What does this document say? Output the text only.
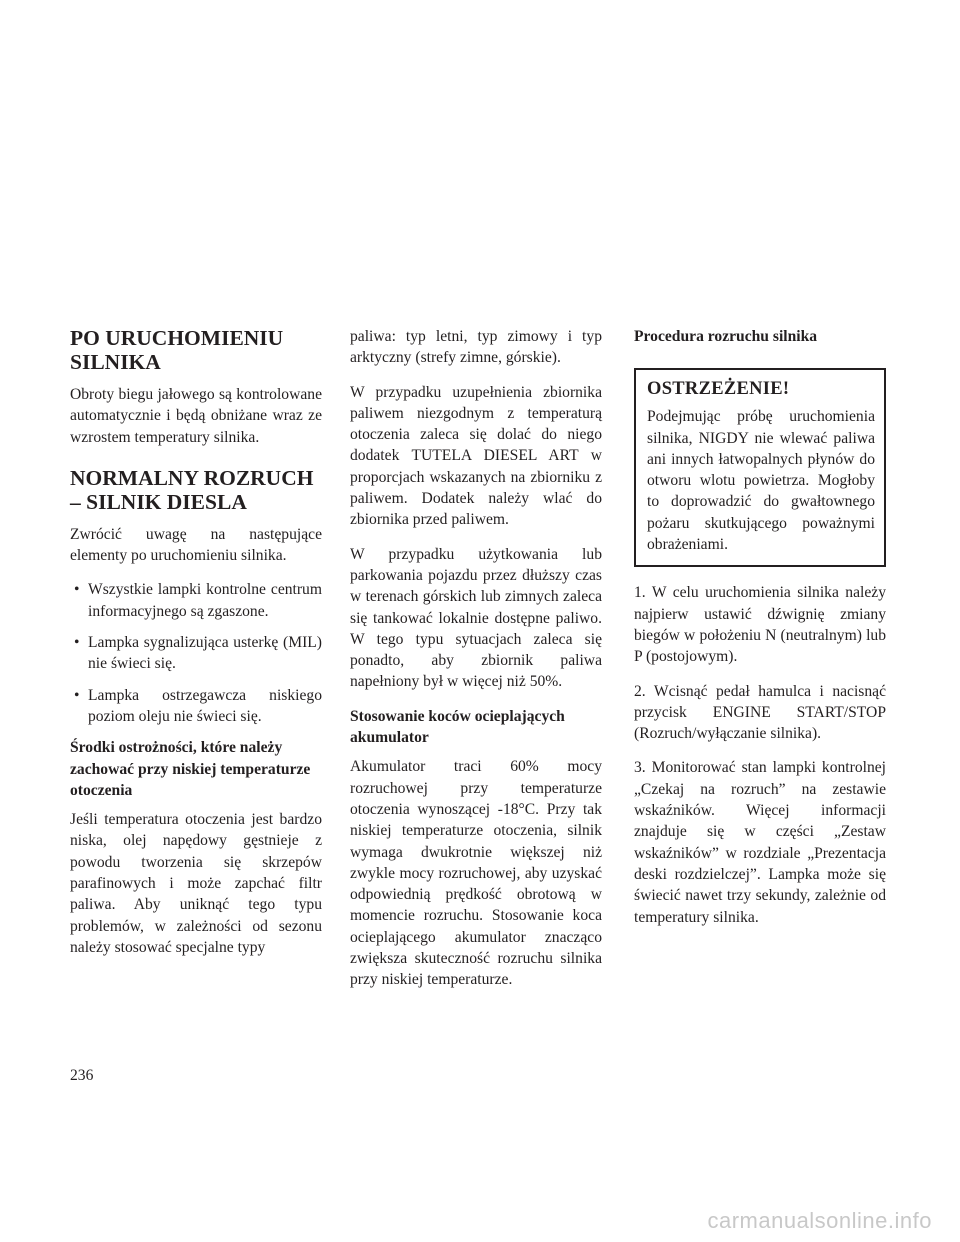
PO URUCHOMIENIU SILNIKA

Obroty biegu jałowego są kontrolowane automatycznie i będą obniżane wraz ze wzrostem temperatury silnika.

NORMALNY ROZRUCH – SILNIK DIESLA

Zwrócić uwagę na następujące elementy po uruchomieniu silnika.

• Wszystkie lampki kontrolne centrum informacyjnego są zgaszone.
• Lampka sygnalizująca usterkę (MIL) nie świeci się.
• Lampka ostrzegawcza niskiego poziom oleju nie świeci się.
Środki ostrożności, które należy zachować przy niskiej temperaturze otoczenia

Jeśli temperatura otoczenia jest bardzo niska, olej napędowy gęstnieje z powodu tworzenia się skrzepów parafinowych i może zapchać filtr paliwa. Aby uniknąć tego typu problemów, w zależności od sezonu należy stosować specjalne typy

paliwa: typ letni, typ zimowy i typ arktyczny (strefy zimne, górskie).

W przypadku uzupełnienia zbiornika paliwem niezgodnym z temperaturą otoczenia zaleca się dolać do niego dodatek TUTELA DIESEL ART w proporcjach wskazanych na zbiorniku z paliwem. Dodatek należy wlać do zbiornika przed paliwem.

W przypadku użytkowania lub parkowania pojazdu przez dłuższy czas w terenach górskich lub zimnych zaleca się tankować lokalnie dostępne paliwo. W tego typu sytuacjach zaleca się ponadto, aby zbiornik paliwa napełniony był w więcej niż 50%.

Stosowanie koców ocieplających akumulator

Akumulator traci 60% mocy rozruchowej przy temperaturze otoczenia wynoszącej -18°C. Przy tak niskiej temperaturze otoczenia, silnik wymaga dwukrotnie większej niż zwykle mocy rozruchowej, aby uzyskać odpowiednią prędkość obrotową w momencie rozruchu. Stosowanie koca ocieplającego akumulator znacząco zwiększa skuteczność rozruchu silnika przy niskiej temperaturze.

Procedura rozruchu silnika
OSTRZEŻENIE!

Podejmując próbę uruchomienia silnika, NIGDY nie wlewać paliwa ani innych łatwopalnych płynów do otworu wlotu powietrza. Mogłoby to doprowadzić do gwałtownego pożaru skutkującego poważnymi obrażeniami.

1. W celu uruchomienia silnika należy najpierw ustawić dźwignię zmiany biegów w położeniu N (neutralnym) lub P (postojowym).
2. Wcisnąć pedał hamulca i nacisnąć przycisk ENGINE START/STOP (Rozruch/wyłączanie silnika).
3. Monitorować stan lampki kontrolnej „Czekaj na rozruch” na zestawie wskaźników. Więcej informacji znajduje się w części „Zestaw wskaźników” w rozdziale „Prezentacja deski rozdzielczej”. Lampka może się świecić nawet trzy sekundy, zależnie od temperatury silnika.
236
carmanualsonline.info
